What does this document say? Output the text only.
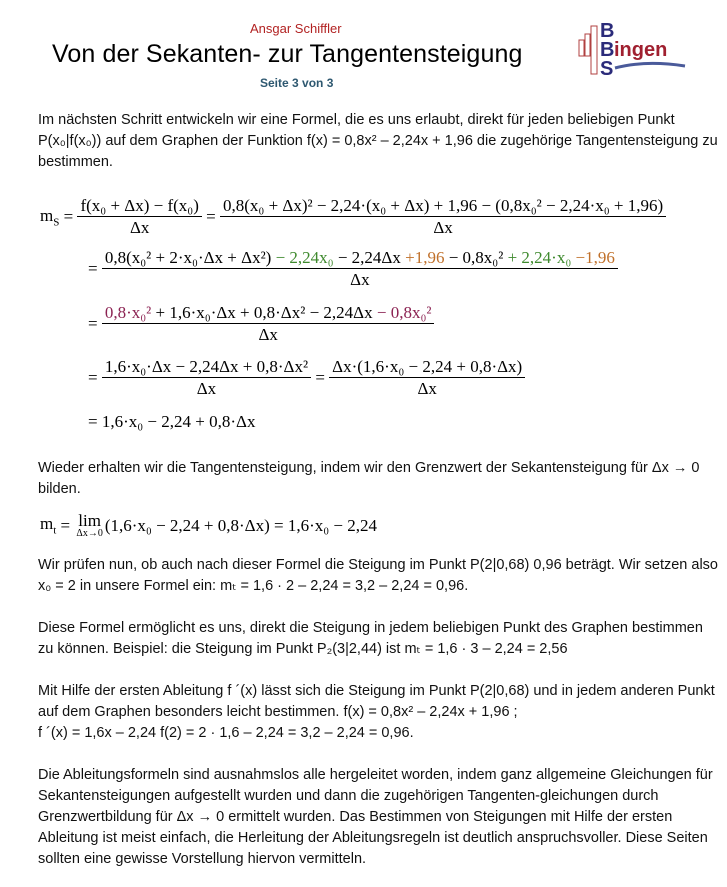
Ansgar Schiffler
Von der Sekanten- zur Tangentensteigung
Seite 3 von 3
B
B
S
ingen
Im nächsten Schritt entwickeln wir eine Formel, die es uns erlaubt, direkt für jeden beliebigen Punkt P(x₀|f(x₀)) auf dem Graphen der Funktion f(x) = 0,8x² – 2,24x + 1,96 die zugehörige Tangentensteigung zu bestimmen.
$m_S = \frac{\text{f(x₀ + Δx) − f(x₀)}}{\Delta x}$ =
0,8(x₀ + Δx)² − 2,24·(x₀ + Δx) + 1,96 − (0,8x₀² − 2,24·x₀ + 1,96)
Δx
=
0,8(x₀² + 2·x₀·Δx + Δx²) − 2,24x₀ − 2,24Δx +1,96 − 0,8x₀² + 2,24·x₀ −1,96
Δx
= $\frac{\text{0,8·x₀² + 1,6·x₀·Δx + 0,8·Δx² − 2,24Δx − 0,8x₀²}}{\Delta x}$
= $\frac{\text{1,6·x₀·Δx − 2,24Δx + 0,8·Δx²}}{\Delta x} = \frac{\text{Δx·(1,6·x₀ − 2,24 + 0,8·Δx)}}{\Delta x}$
= 1,6·x₀ − 2,24 + 0,8·Δx
Wieder erhalten wir die Tangentensteigung, indem wir den Grenzwert der Sekantensteigung für Δx → 0 bilden.
$m_t = \lim$
Δx→0 (1,6·x₀ − 2,24 + 0,8·Δx) = 1,6·x₀ − 2,24
Wir prüfen nun, ob auch nach dieser Formel die Steigung im Punkt P(2|0,68) 0,96 beträgt. Wir setzen also x₀ = 2 in unsere Formel ein: mₜ = 1,6 · 2 – 2,24 = 3,2 – 2,24 = 0,96.
Diese Formel ermöglicht es uns, direkt die Steigung in jedem beliebigen Punkt des Graphen bestimmen zu können. Beispiel: die Steigung im Punkt P₂(3|2,44) ist mₜ = 1,6 · 3 – 2,24 = 2,56
Mit Hilfe der ersten Ableitung f ´(x) lässt sich die Steigung im Punkt P(2|0,68) und in jedem anderen Punkt auf dem Graphen besonders leicht bestimmen. f(x) = 0,8x² – 2,24x + 1,96 ;
f ´(x) = 1,6x – 2,24 f(2) = 2 · 1,6 – 2,24 = 3,2 – 2,24 = 0,96.
Die Ableitungsformeln sind ausnahmslos alle hergeleitet worden, indem ganz allgemeine Gleichungen für Sekantensteigungen aufgestellt wurden und dann die zugehörigen Tangenten-gleichungen durch Grenzwertbildung für Δx → 0 ermittelt wurden. Das Bestimmen von Steigungen mit Hilfe der ersten Ableitung ist meist einfach, die Herleitung der Ableitungsregeln ist deutlich anspruchsvoller. Diese Seiten sollten eine gewisse Vorstellung hiervon vermitteln.
